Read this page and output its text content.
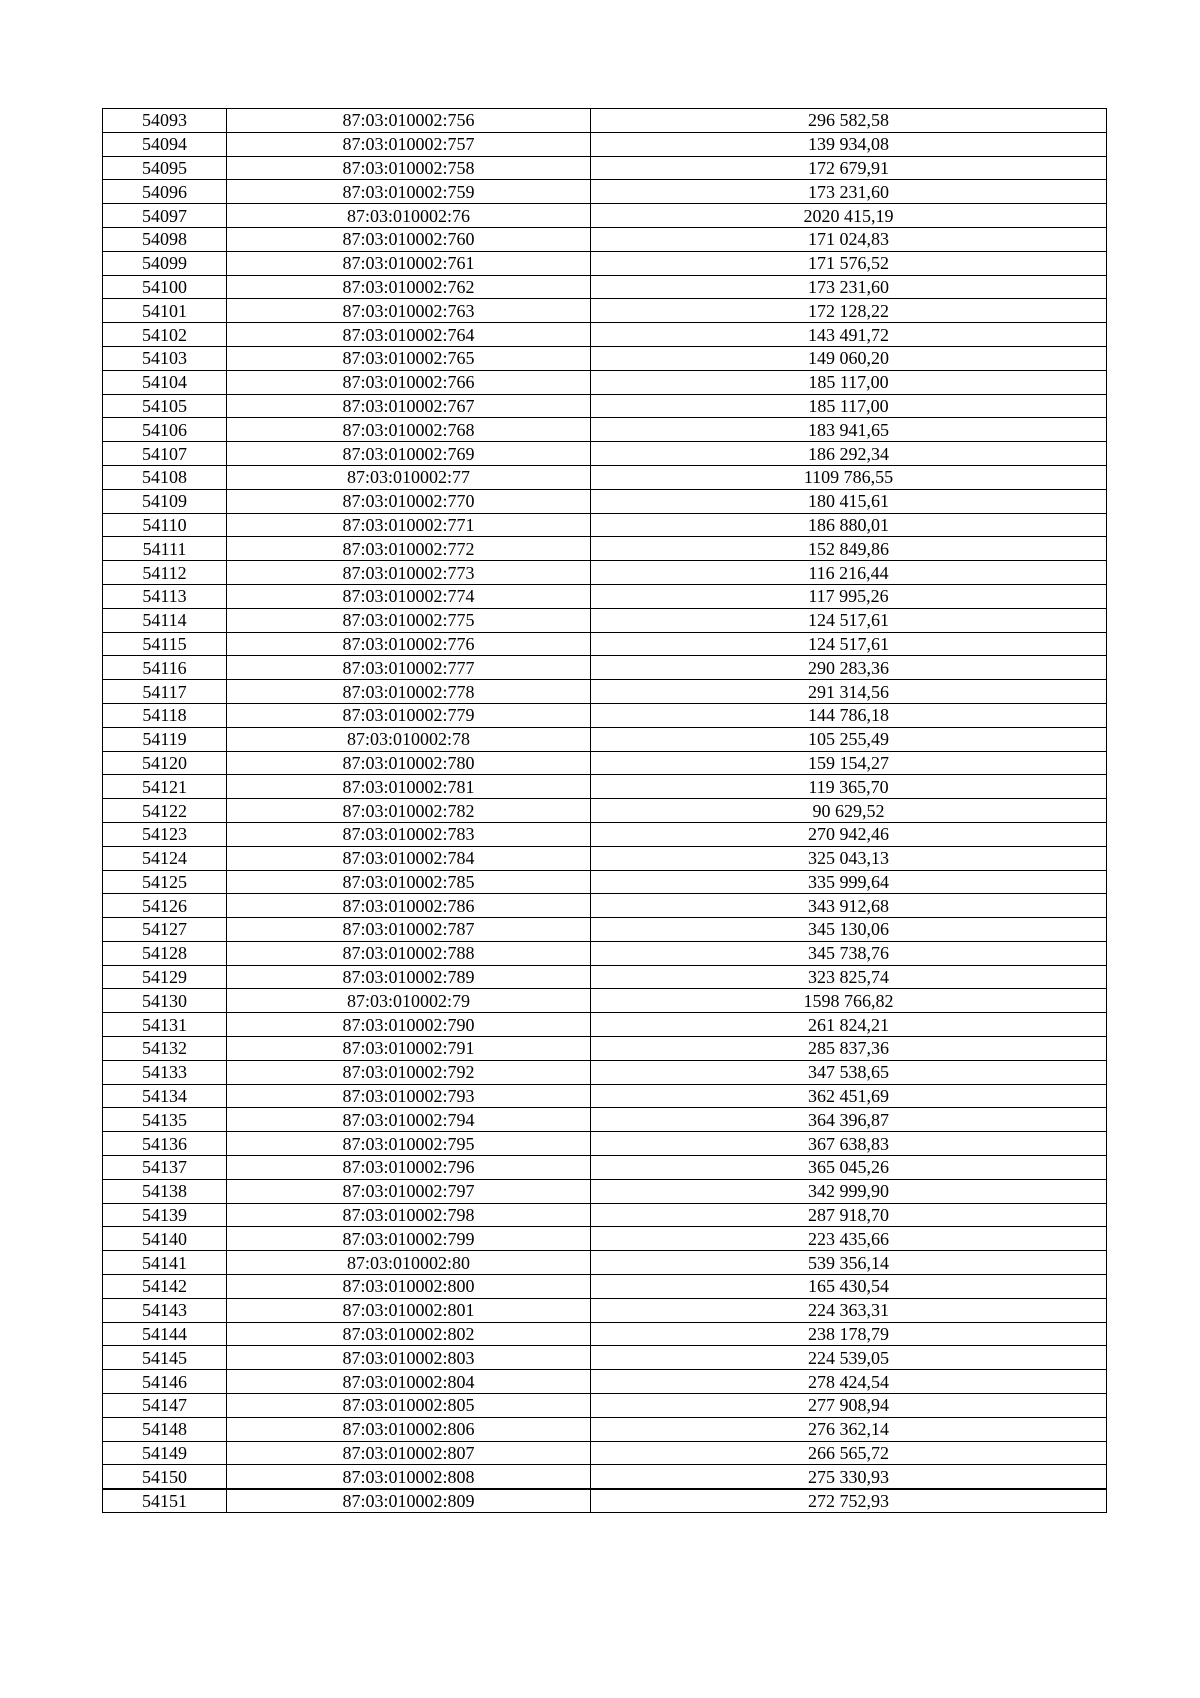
54093	87:03:010002:756	296 582,58
54094	87:03:010002:757	139 934,08
54095	87:03:010002:758	172 679,91
54096	87:03:010002:759	173 231,60
54097	87:03:010002:76	2020 415,19
54098	87:03:010002:760	171 024,83
54099	87:03:010002:761	171 576,52
54100	87:03:010002:762	173 231,60
54101	87:03:010002:763	172 128,22
54102	87:03:010002:764	143 491,72
54103	87:03:010002:765	149 060,20
54104	87:03:010002:766	185 117,00
54105	87:03:010002:767	185 117,00
54106	87:03:010002:768	183 941,65
54107	87:03:010002:769	186 292,34
54108	87:03:010002:77	1109 786,55
54109	87:03:010002:770	180 415,61
54110	87:03:010002:771	186 880,01
54111	87:03:010002:772	152 849,86
54112	87:03:010002:773	116 216,44
54113	87:03:010002:774	117 995,26
54114	87:03:010002:775	124 517,61
54115	87:03:010002:776	124 517,61
54116	87:03:010002:777	290 283,36
54117	87:03:010002:778	291 314,56
54118	87:03:010002:779	144 786,18
54119	87:03:010002:78	105 255,49
54120	87:03:010002:780	159 154,27
54121	87:03:010002:781	119 365,70
54122	87:03:010002:782	90 629,52
54123	87:03:010002:783	270 942,46
54124	87:03:010002:784	325 043,13
54125	87:03:010002:785	335 999,64
54126	87:03:010002:786	343 912,68
54127	87:03:010002:787	345 130,06
54128	87:03:010002:788	345 738,76
54129	87:03:010002:789	323 825,74
54130	87:03:010002:79	1598 766,82
54131	87:03:010002:790	261 824,21
54132	87:03:010002:791	285 837,36
54133	87:03:010002:792	347 538,65
54134	87:03:010002:793	362 451,69
54135	87:03:010002:794	364 396,87
54136	87:03:010002:795	367 638,83
54137	87:03:010002:796	365 045,26
54138	87:03:010002:797	342 999,90
54139	87:03:010002:798	287 918,70
54140	87:03:010002:799	223 435,66
54141	87:03:010002:80	539 356,14
54142	87:03:010002:800	165 430,54
54143	87:03:010002:801	224 363,31
54144	87:03:010002:802	238 178,79
54145	87:03:010002:803	224 539,05
54146	87:03:010002:804	278 424,54
54147	87:03:010002:805	277 908,94
54148	87:03:010002:806	276 362,14
54149	87:03:010002:807	266 565,72
54150	87:03:010002:808	275 330,93
54151	87:03:010002:809	272 752,93
